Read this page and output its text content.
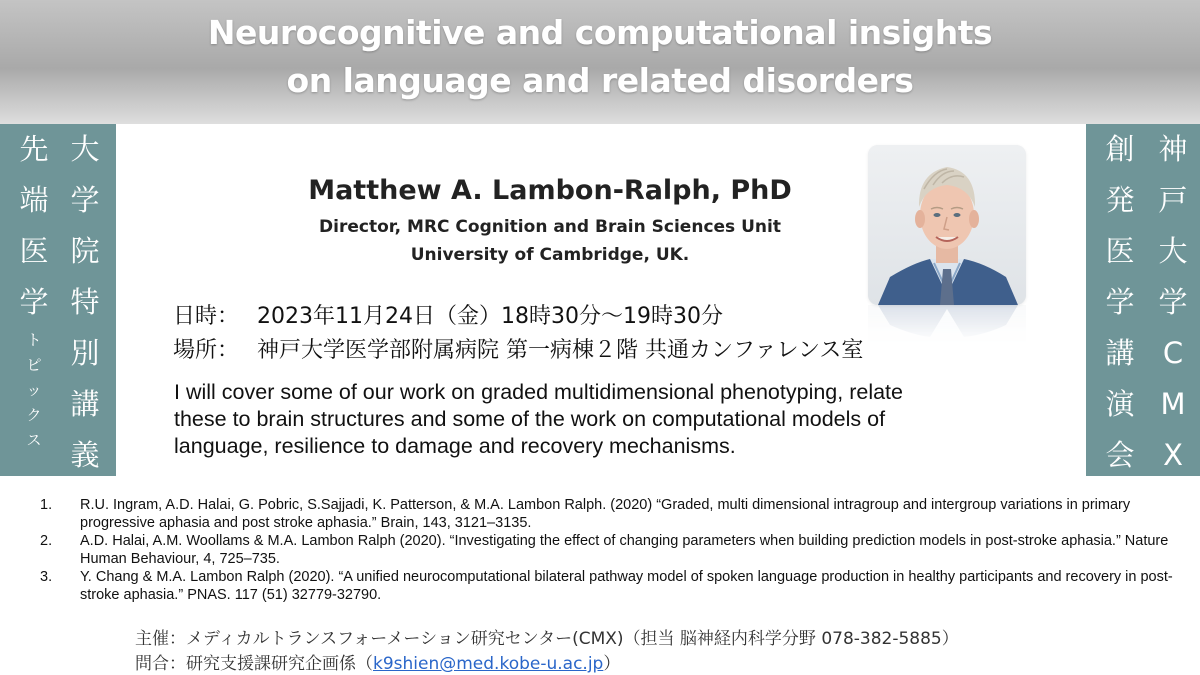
Neurocognitive and computational insights
on language and related disorders
大
学
院
特
別
講
義
先
端
医
学
ト
ピ
ッ
ク
ス
神
戸
大
学
C
M
X
創
発
医
学
講
演
会
Matthew A. Lambon-Ralph, PhD
Director, MRC Cognition and Brain Sciences Unit
University of Cambridge, UK.
日時： 2023年11月24日（金）18時30分～19時30分
場所： 神戸大学医学部附属病院 第一病棟２階 共通カンファレンス室
I will cover some of our work on graded multidimensional phenotyping, relate
these to brain structures and some of the work on computational models of
language, resilience to damage and recovery mechanisms.
1.	R.U. Ingram, A.D. Halai, G. Pobric, S.Sajjadi, K. Patterson, & M.A. Lambon Ralph. (2020) “Graded, multi dimensional intragroup and intergroup variations in primary progressive aphasia and post stroke aphasia.” Brain, 143, 3121–3135.
2.	A.D. Halai, A.M. Woollams & M.A. Lambon Ralph (2020). “Investigating the effect of changing parameters when building prediction models in post-stroke aphasia.” Nature Human Behaviour, 4, 725–735.
3.	Y. Chang & M.A. Lambon Ralph (2020). “A unified neurocomputational bilateral pathway model of spoken language production in healthy participants and recovery in post-stroke aphasia.” PNAS. 117 (51) 32779-32790.
主催：メディカルトランスフォーメーション研究センター(CMX)（担当 脳神経内科学分野 078-382-5885）
問合：研究支援課研究企画係（k9shien@med.kobe-u.ac.jp）
